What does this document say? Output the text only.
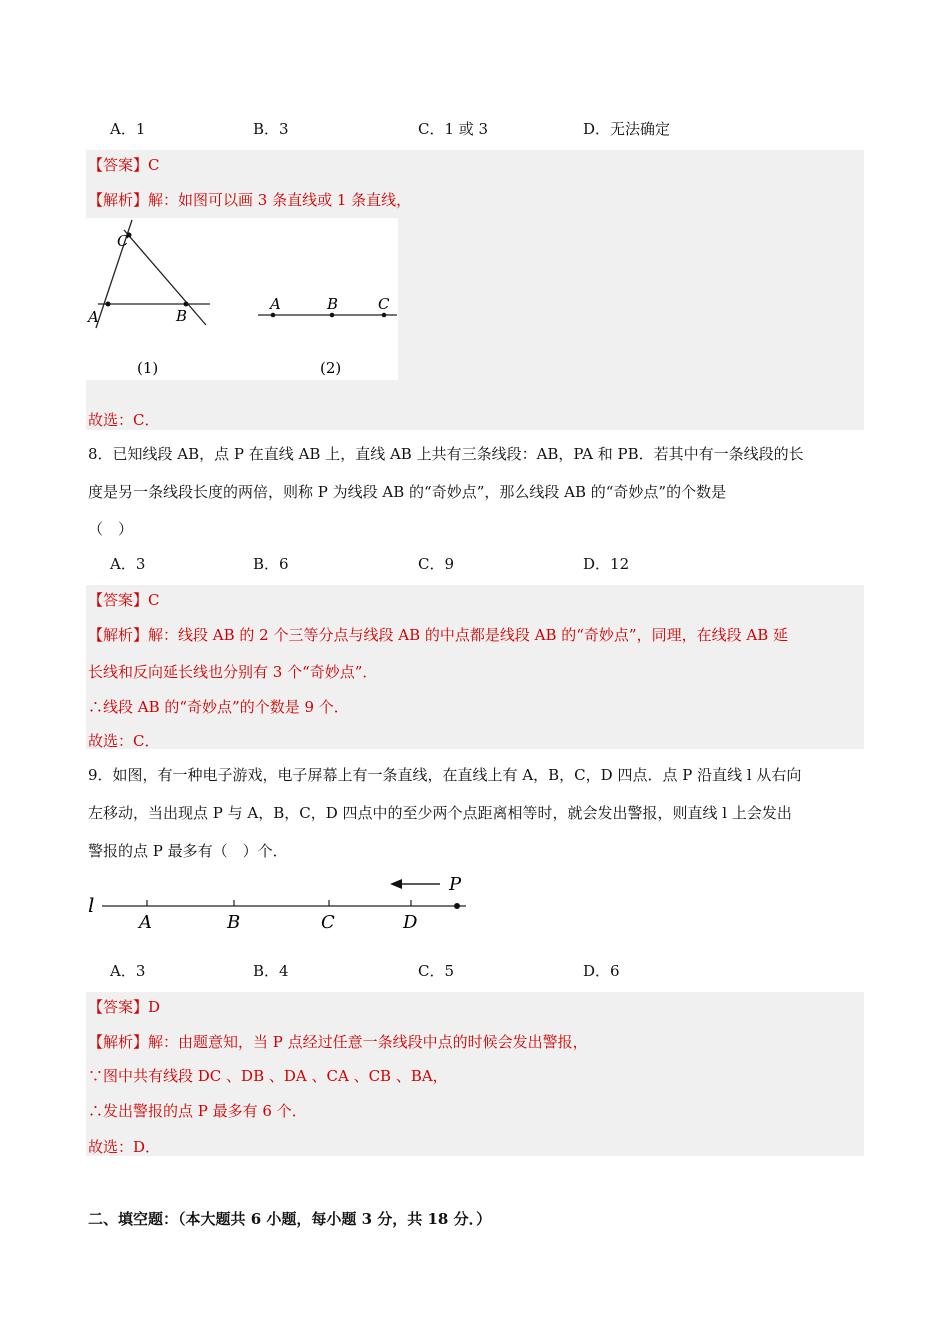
A．1	B．3	C．1 或 3	D．无法确定
【答案】C
【解析】解：如图可以画 3 条直线或 1 条直线，
C
A	B
(1)
A	B	C
(2)
故选：C．
8．已知线段 AB，点 P 在直线 AB 上，直线 AB 上共有三条线段：AB，PA 和 PB．若其中有一条线段的长
度是另一条线段长度的两倍，则称 P 为线段 AB 的“奇妙点”，那么线段 AB 的“奇妙点”的个数是
（　）
A．3	B．6	C．9	D．12
【答案】C
【解析】解：线段 AB 的 2 个三等分点与线段 AB 的中点都是线段 AB 的“奇妙点”，同理，在线段 AB 延
长线和反向延长线也分别有 3 个“奇妙点”．
∴线段 AB 的“奇妙点”的个数是 9 个．
故选：C．
9．如图，有一种电子游戏，电子屏幕上有一条直线，在直线上有 A，B，C，D 四点．点 P 沿直线 l 从右向
左移动，当出现点 P 与 A，B，C，D 四点中的至少两个点距离相等时，就会发出警报，则直线 l 上会发出
警报的点 P 最多有（　）个．
l
A	B	C	D
P
A．3	B．4	C．5	D．6
【答案】D
【解析】解：由题意知，当 P 点经过任意一条线段中点的时候会发出警报，
∵图中共有线段 DC 、DB 、DA 、CA 、CB 、BA，
∴发出警报的点 P 最多有 6 个．
故选：D．
二、填空题：（本大题共 6 小题，每小题 3 分，共 18 分．）
